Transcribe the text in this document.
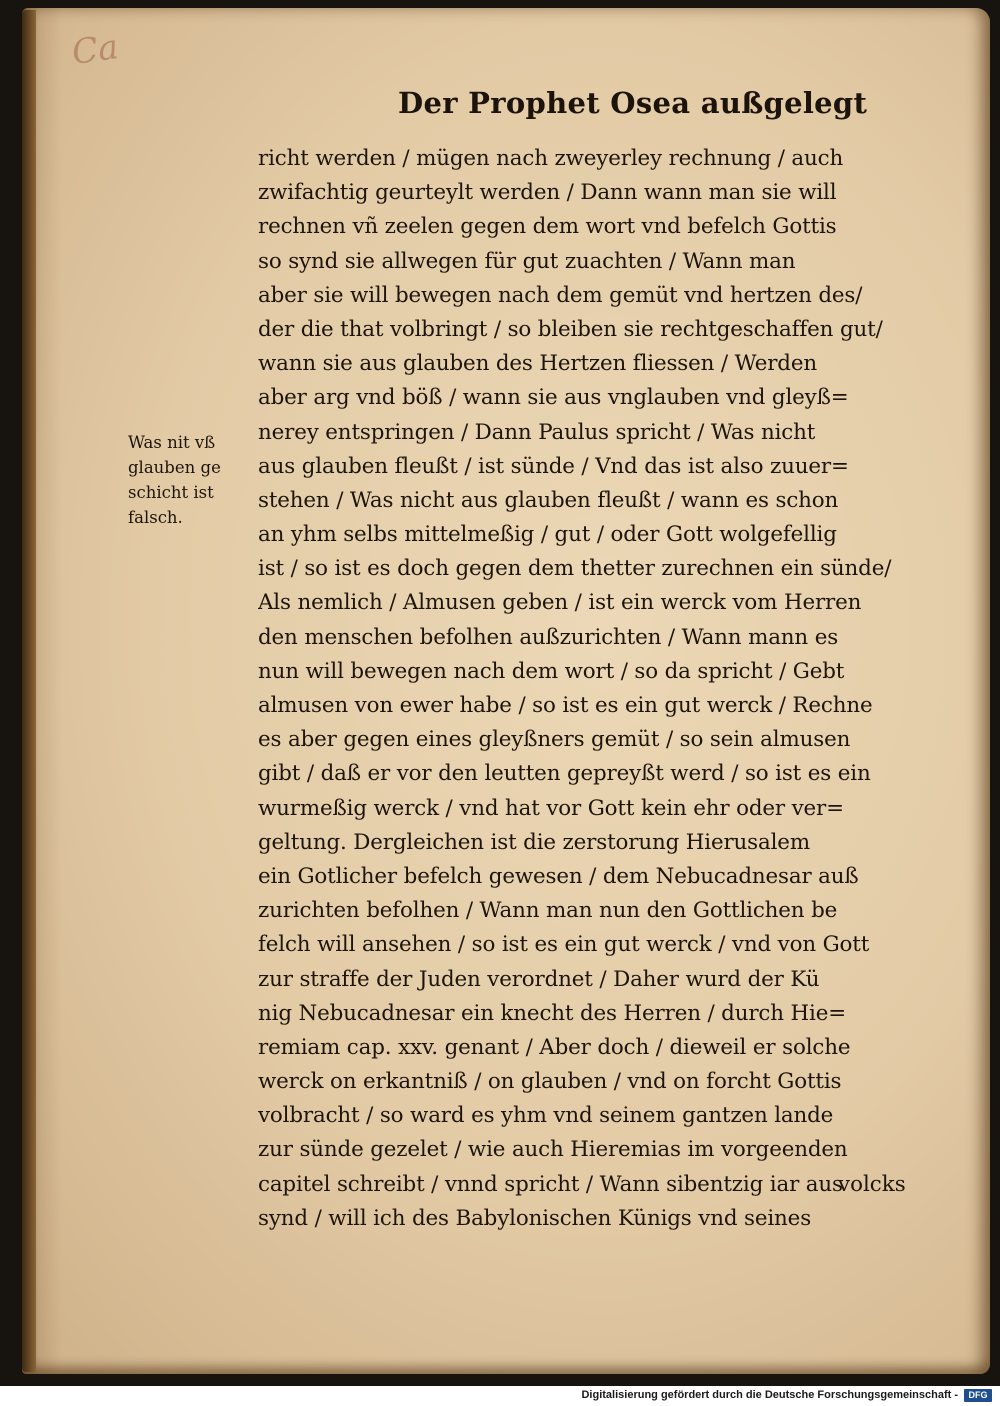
Ca
Der Prophet Osea außgelegt
Was nit vß
glauben ge
schicht ist
falsch.
richt werden / mügen nach zweyerley rechnung / auch
zwifachtig geurteylt werden / Dann wann man sie will
rechnen vñ zeelen gegen dem wort vnd befelch Gottis
so synd sie allwegen für gut zuachten / Wann man
aber sie will bewegen nach dem gemüt vnd hertzen des/
der die that volbringt / so bleiben sie rechtgeschaffen gut/
wann sie aus glauben des Hertzen fliessen / Werden
aber arg vnd böß / wann sie aus vnglauben vnd gleyß=
nerey entspringen / Dann Paulus spricht / Was nicht
aus glauben fleußt / ist sünde / Vnd das ist also zuuer=
stehen / Was nicht aus glauben fleußt / wann es schon
an yhm selbs mittelmeßig / gut / oder Gott wolgefellig
ist / so ist es doch gegen dem thetter zurechnen ein sünde/
Als nemlich / Almusen geben / ist ein werck vom Herren
den menschen befolhen außzurichten / Wann mann es
nun will bewegen nach dem wort / so da spricht / Gebt
almusen von ewer habe / so ist es ein gut werck / Rechne
es aber gegen eines gleyßners gemüt / so sein almusen
gibt / daß er vor den leutten gepreyßt werd / so ist es ein
wurmeßig werck / vnd hat vor Gott kein ehr oder ver=
geltung. Dergleichen ist die zerstorung Hierusalem
ein Gotlicher befelch gewesen / dem Nebucadnesar auß
zurichten befolhen / Wann man nun den Gottlichen be
felch will ansehen / so ist es ein gut werck / vnd von Gott
zur straffe der Juden verordnet / Daher wurd der Kü
nig Nebucadnesar ein knecht des Herren / durch Hie=
remiam cap. xxv. genant / Aber doch / dieweil er solche
werck on erkantniß / on glauben / vnd on forcht Gottis
volbracht / so ward es yhm vnd seinem gantzen lande
zur sünde gezelet / wie auch Hieremias im vorgeenden
capitel schreibt / vnnd spricht / Wann sibentzig iar aus
synd / will ich des Babylonischen Künigs vnd seines
volcks
Digitalisierung gefördert durch die Deutsche Forschungsgemeinschaft -	DFG
